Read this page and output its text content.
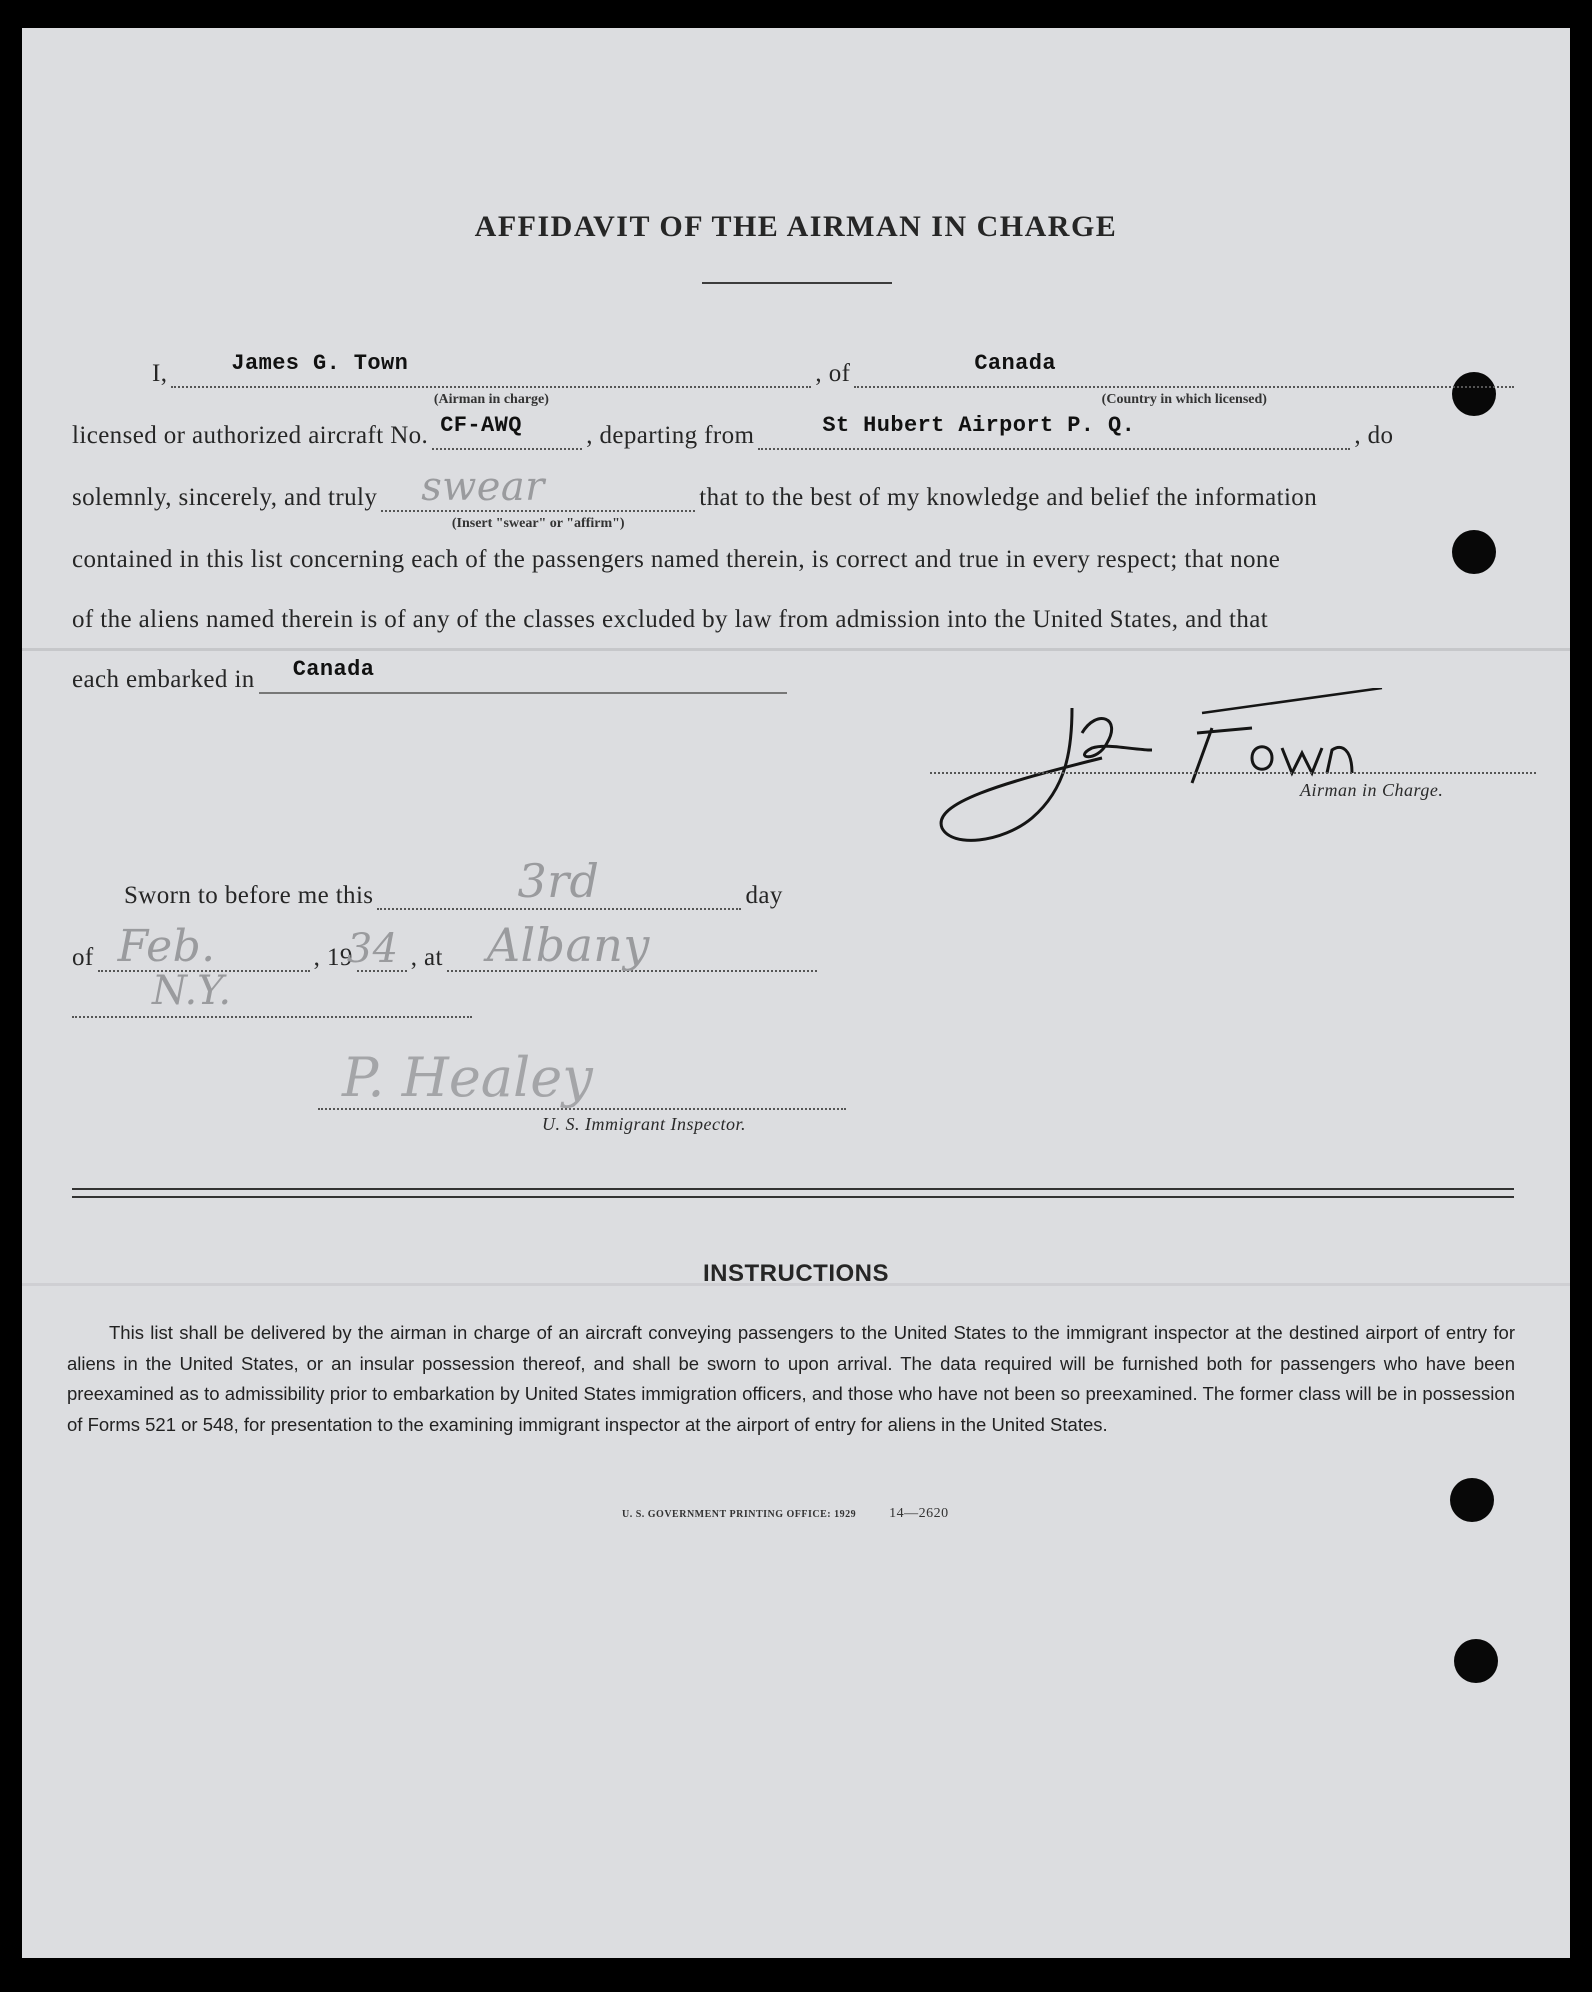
AFFIDAVIT OF THE AIRMAN IN CHARGE
I,	James G. Town
(Airman in charge)
, of	Canada
(Country in which licensed)
licensed or authorized aircraft No. CF-AWQ	, departing from	St Hubert Airport P. Q.	, do
solemnly, sincerely, and truly swear
(Insert "swear" or "affirm")
that to the best of my knowledge and belief the information
contained in this list concerning each of the passengers named therein, is correct and true in every respect; that none
of the aliens named therein is of any of the classes excluded by law from admission into the United States, and that
each embarked in Canada
Airman in Charge.
Sworn to before me this	3rd	day
of Feb.	, 19
34 , at Albany
N.Y.
P. Healey
U. S. Immigrant Inspector.
INSTRUCTIONS
This list shall be delivered by the airman in charge of an aircraft conveying passengers to the United States to the immigrant inspector at the destined airport of entry for aliens in the United States, or an insular possession thereof, and shall be sworn to upon arrival. The data required will be furnished both for passengers who have been preexamined as to admissibility prior to embarkation by United States immigration officers, and those who have not been so preexamined. The former class will be in possession of Forms 521 or 548, for presentation to the examining immigrant inspector at the airport of entry for aliens in the United States.
U. S. GOVERNMENT PRINTING OFFICE: 1929 14—2620
